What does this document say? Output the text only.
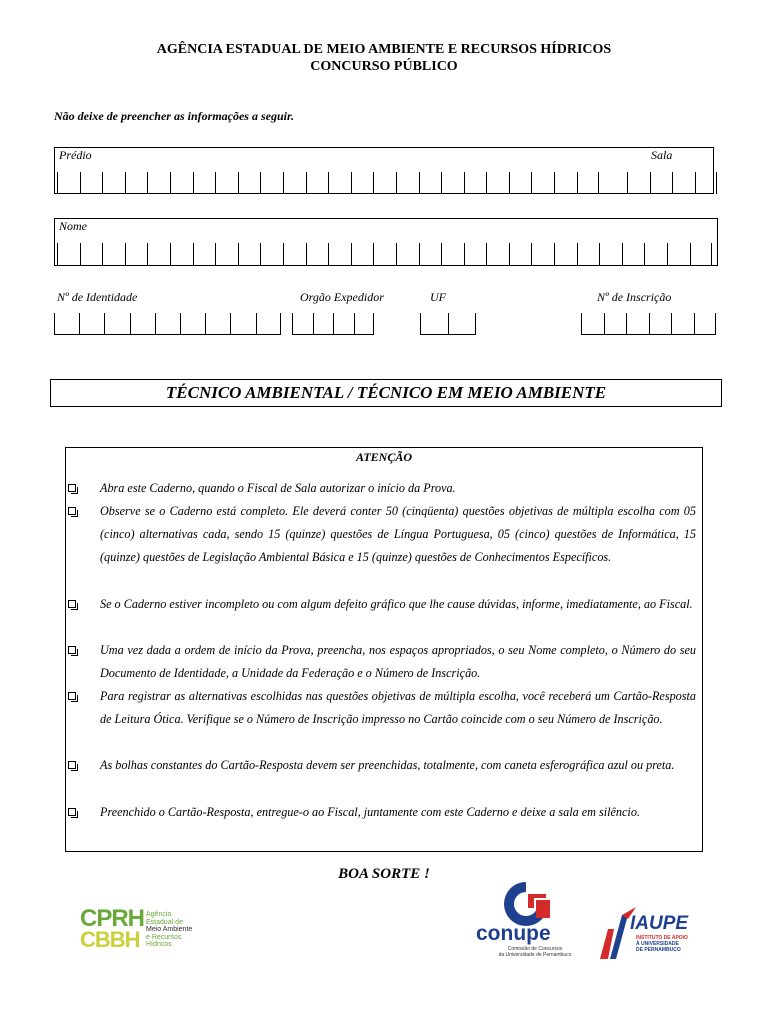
AGÊNCIA ESTADUAL DE MEIO AMBIENTE E RECURSOS HÍDRICOS
CONCURSO PÚBLICO
Não deixe de preencher as informações a seguir.
Prédio	Sala
Nome
Nº de Identidade	Orgão Expedidor	UF	Nº de Inscrição
TÉCNICO AMBIENTAL / TÉCNICO EM MEIO AMBIENTE
ATENÇÃO
Abra este Caderno, quando o Fiscal de Sala autorizar o início da Prova.
Observe se o Caderno está completo. Ele deverá conter 50 (cinqüenta) questões objetivas de múltipla escolha com 05 (cinco) alternativas cada, sendo 15 (quinze) questões de Língua Portuguesa, 05 (cinco) questões de Informática, 15 (quinze) questões de Legislação Ambiental Básica e 15 (quinze) questões de Conhecimentos Específicos.
Se o Caderno estiver incompleto ou com algum defeito gráfico que lhe cause dúvidas, informe, imediatamente, ao Fiscal.
Uma vez dada a ordem de início da Prova, preencha, nos espaços apropriados, o seu Nome completo, o Número do seu Documento de Identidade, a Unidade da Federação e o Número de Inscrição.
Para registrar as alternativas escolhidas nas questões objetivas de múltipla escolha, você receberá um Cartão-Resposta de Leitura Ótica. Verifique se o Número de Inscrição impresso no Cartão coincide com o seu Número de Inscrição.
As bolhas constantes do Cartão-Resposta devem ser preenchidas, totalmente, com caneta esferográfica azul ou preta.
Preenchido o Cartão-Resposta, entregue-o ao Fiscal, juntamente com este Caderno e deixe a sala em silêncio.
BOA SORTE !
CPRH
CBBH
Agência
Estadual de
Meio Ambiente
e Recursos
Hídricos	conupe
Comissão de Concursos
da Universidade de Pernambuco
IAUPE
INSTITUTO DE APOIO
À UNIVERSIDADE
DE PERNAMBUCO
